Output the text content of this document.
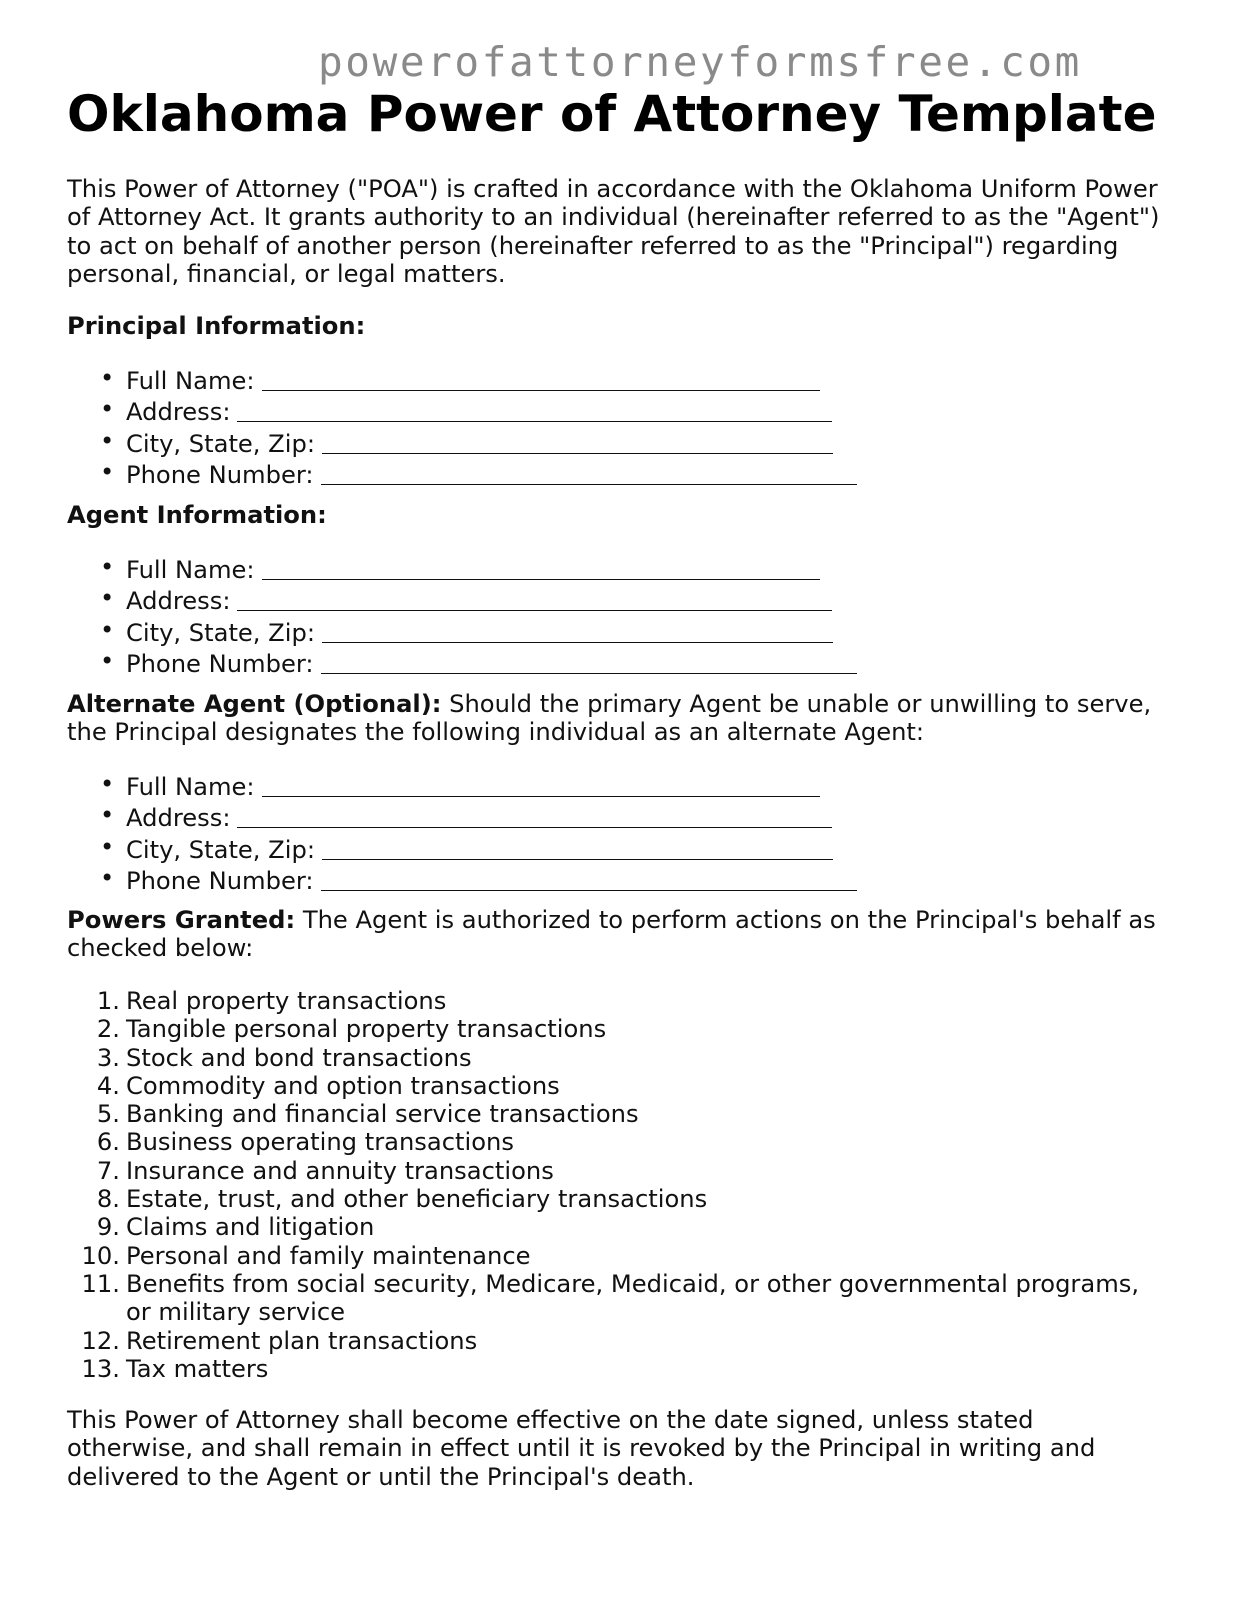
powerofattorneyformsfree.com
Oklahoma Power of Attorney Template

This Power of Attorney ("POA") is crafted in accordance with the Oklahoma Uniform Power of Attorney Act. It grants authority to an individual (hereinafter referred to as the "Agent") to act on behalf of another person (hereinafter referred to as the "Principal") regarding personal, financial, or legal matters.

Principal Information:

• Full Name:
• Address:
• City, State, Zip:
• Phone Number:

Agent Information:

• Full Name:
• Address:
• City, State, Zip:
• Phone Number:

Alternate Agent (Optional): Should the primary Agent be unable or unwilling to serve, the Principal designates the following individual as an alternate Agent:

• Full Name:
• Address:
• City, State, Zip:
• Phone Number:

Powers Granted: The Agent is authorized to perform actions on the Principal's behalf as checked below:

1. Real property transactions
2. Tangible personal property transactions
3. Stock and bond transactions
4. Commodity and option transactions
5. Banking and financial service transactions
6. Business operating transactions
7. Insurance and annuity transactions
8. Estate, trust, and other beneficiary transactions
9. Claims and litigation
10. Personal and family maintenance
11. Benefits from social security, Medicare, Medicaid, or other governmental programs, or military service
12. Retirement plan transactions
13. Tax matters

This Power of Attorney shall become effective on the date signed, unless stated otherwise, and shall remain in effect until it is revoked by the Principal in writing and delivered to the Agent or until the Principal's death.
